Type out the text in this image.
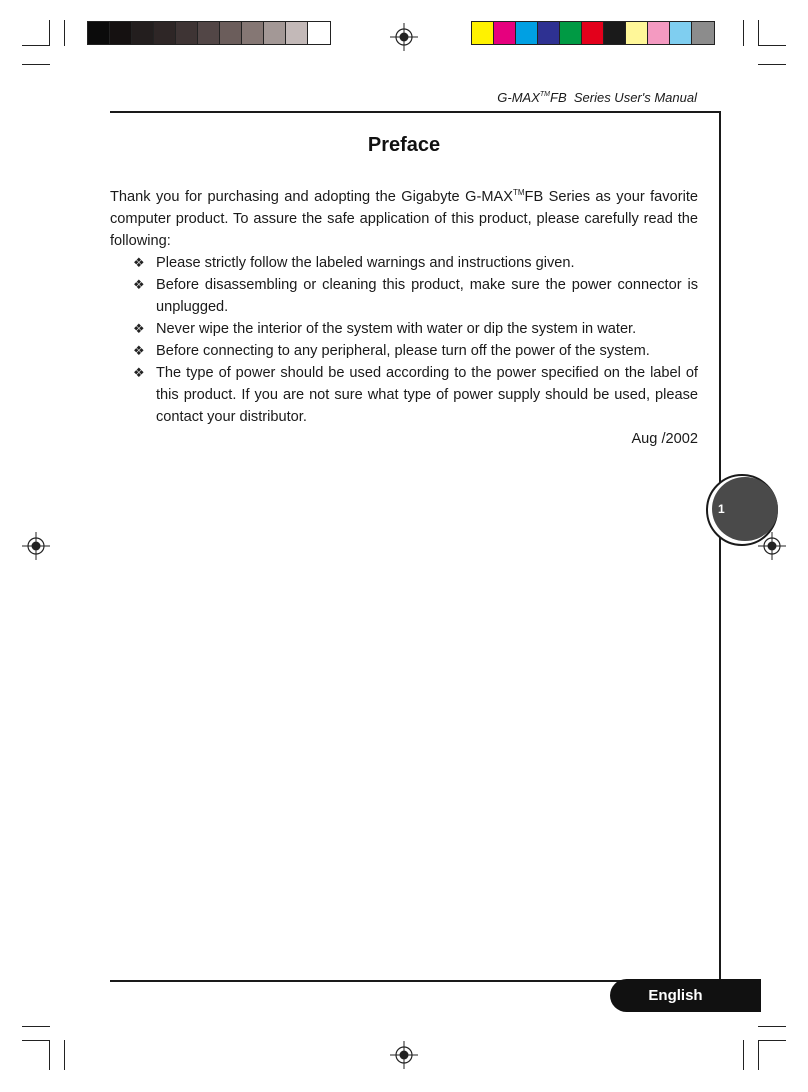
G-MAX™FB  Series User's Manual
Preface

Thank you for purchasing and adopting the Gigabyte G-MAX™FB Series as your favorite computer product. To assure the safe application of this product, please carefully read the following:

❖ Please strictly follow the labeled warnings and instructions given.
❖ Before disassembling or cleaning this product, make sure the power connector is unplugged.
❖ Never wipe the interior of the system with water or dip the system in water.
❖ Before connecting to any peripheral, please turn off the power of the system.
❖ The type of power should be used according to the power specified on the label of this product. If you are not sure what type of power supply should be used, please contact your distributor.
Aug /2002
1
English
